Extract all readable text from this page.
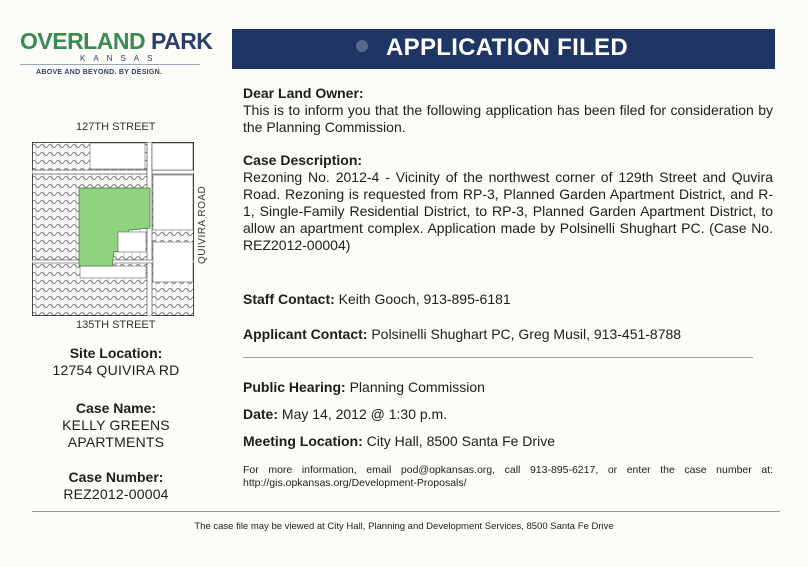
OVERLAND PARK
KANSAS
ABOVE AND BEYOND. BY DESIGN.
APPLICATION FILED
127TH STREET
135TH STREET
QUIVIRA ROAD
Site Location:
12754 QUIVIRA RD
Case Name:
KELLY GREENS
APARTMENTS
Case Number:
REZ2012-00004
Dear Land Owner:
This is to inform you that the following application has been filed for consideration by the Planning Commission.
Case Description:
Rezoning No. 2012-4 - Vicinity of the northwest corner of 129th Street and Quvira Road. Rezoning is requested from RP-3, Planned Garden Apartment District, and R-1, Single-Family Residential District, to RP-3, Planned Garden Apartment District, to allow an apartment complex. Application made by Polsinelli Shughart PC. (Case No. REZ2012-00004)
Staff Contact: Keith Gooch, 913-895-6181
Applicant Contact: Polsinelli Shughart PC, Greg Musil, 913-451-8788
Public Hearing: Planning Commission
Date: May 14, 2012 @ 1:30 p.m.
Meeting Location: City Hall, 8500 Santa Fe Drive
For more information, email pod@opkansas.org, call 913-895-6217, or enter the case number at: http://gis.opkansas.org/Development-Proposals/
The case file may be viewed at City Hall, Planning and Development Services, 8500 Santa Fe Drive
